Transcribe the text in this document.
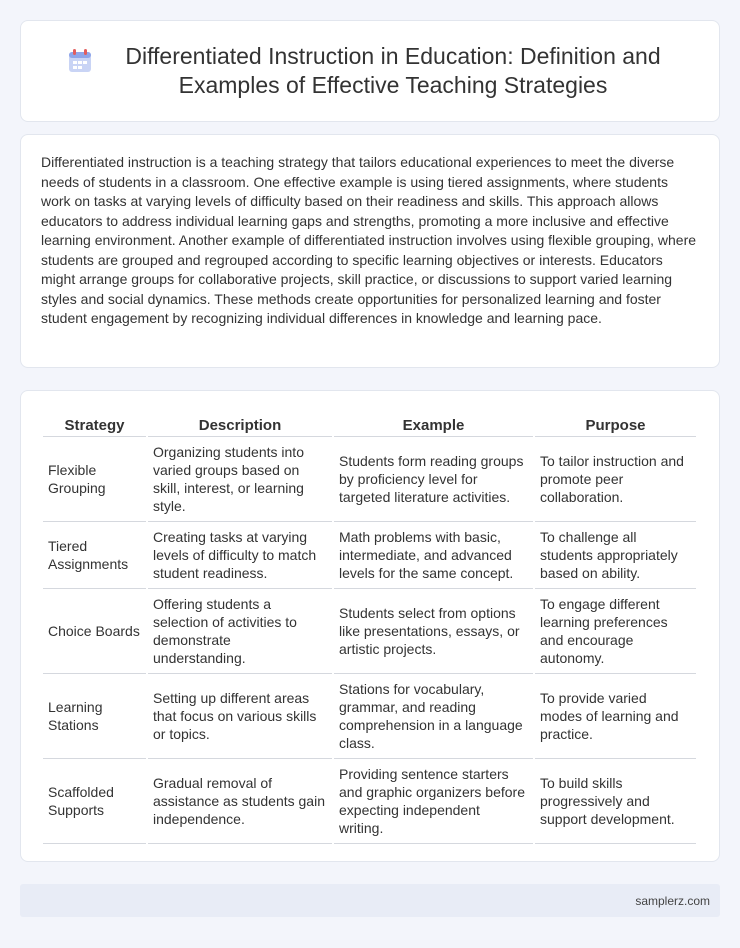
Differentiated Instruction in Education: Definition and Examples of Effective Teaching Strategies

Differentiated instruction is a teaching strategy that tailors educational experiences to meet the diverse needs of students in a classroom. One effective example is using tiered assignments, where students work on tasks at varying levels of difficulty based on their readiness and skills. This approach allows educators to address individual learning gaps and strengths, promoting a more inclusive and effective learning environment. Another example of differentiated instruction involves using flexible grouping, where students are grouped and regrouped according to specific learning objectives or interests. Educators might arrange groups for collaborative projects, skill practice, or discussions to support varied learning styles and social dynamics. These methods create opportunities for personalized learning and foster student engagement by recognizing individual differences in knowledge and learning pace.

Strategy	Description	Example	Purpose
Flexible Grouping	Organizing students into varied groups based on skill, interest, or learning style.	Students form reading groups by proficiency level for targeted literature activities.	To tailor instruction and promote peer collaboration.
Tiered Assignments	Creating tasks at varying levels of difficulty to match student readiness.	Math problems with basic, intermediate, and advanced levels for the same concept.	To challenge all students appropriately based on ability.
Choice Boards	Offering students a selection of activities to demonstrate understanding.	Students select from options like presentations, essays, or artistic projects.	To engage different learning preferences and encourage autonomy.
Learning Stations	Setting up different areas that focus on various skills or topics.	Stations for vocabulary, grammar, and reading comprehension in a language class.	To provide varied modes of learning and practice.
Scaffolded Supports	Gradual removal of assistance as students gain independence.	Providing sentence starters and graphic organizers before expecting independent writing.	To build skills progressively and support development.
samplerz.com
